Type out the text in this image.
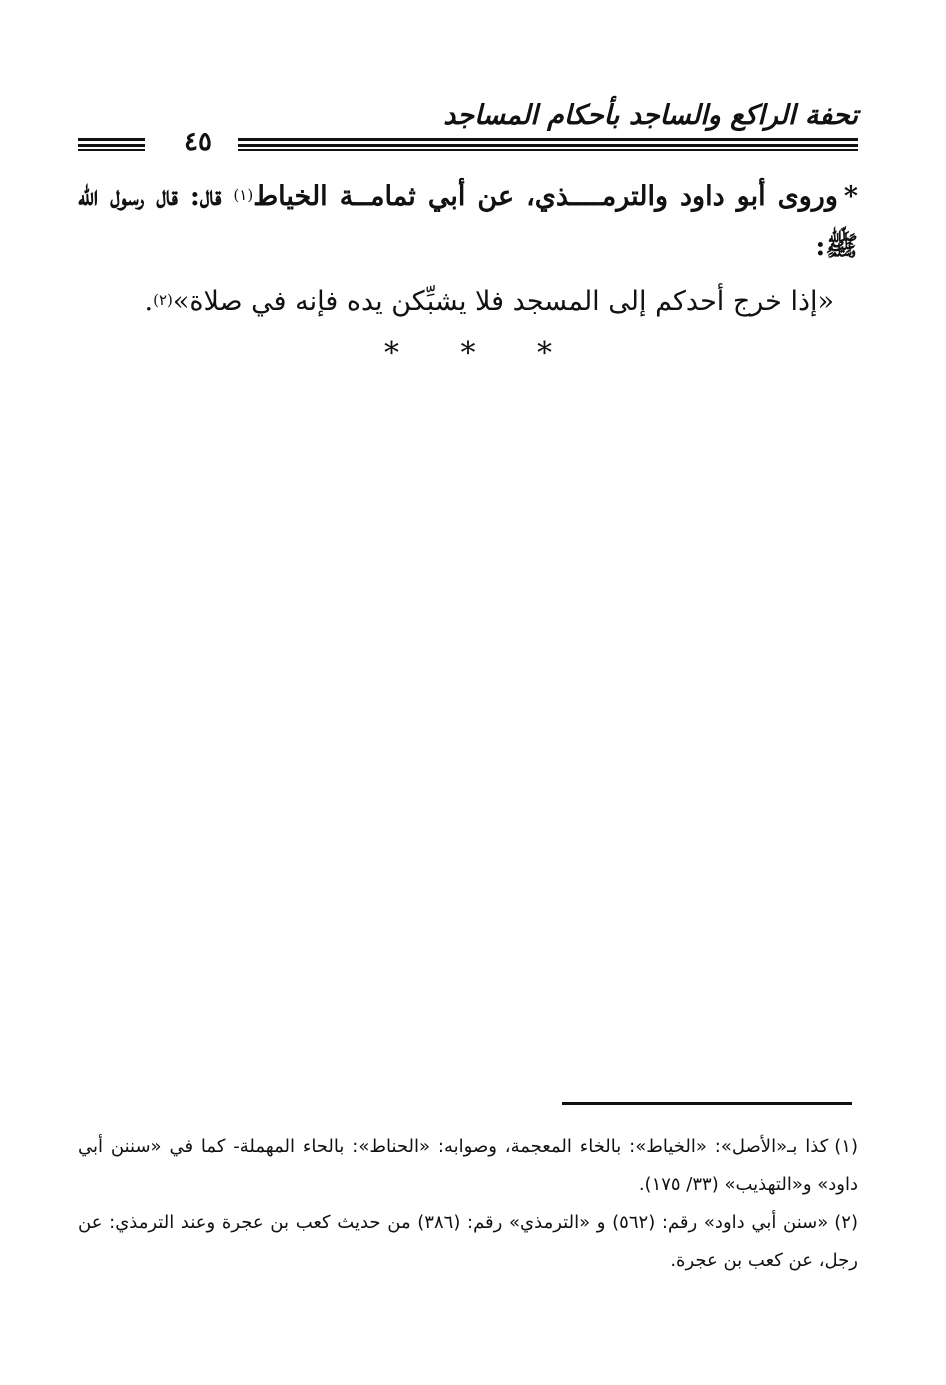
تحفة الراكع والساجد بأحكام المساجد
٤٥

*وروى أبو داود والترمــــذي، عن أبي ثمامــة الخياط$^{(١)}$ قال: قال رسول الله ﷺ:

«إذا خرج أحدكم إلى المسجد فلا يشبِّكن يده فإنه في صلاة»$^{(٢)}$.

* * *

(١)كذا بـ«الأصل»: «الخياط»: بالخاء المعجمة، وصوابه: «الحناط»: بالحاء المهملة- كما في «سننن أبي داود» و«التهذيب» (٣٣/ ١٧٥).

(٢)«سنن أبي داود» رقم: (٥٦٢) و «الترمذي» رقم: (٣٨٦) من حديث كعب بن عجرة وعند الترمذي: عن رجل، عن كعب بن عجرة.
